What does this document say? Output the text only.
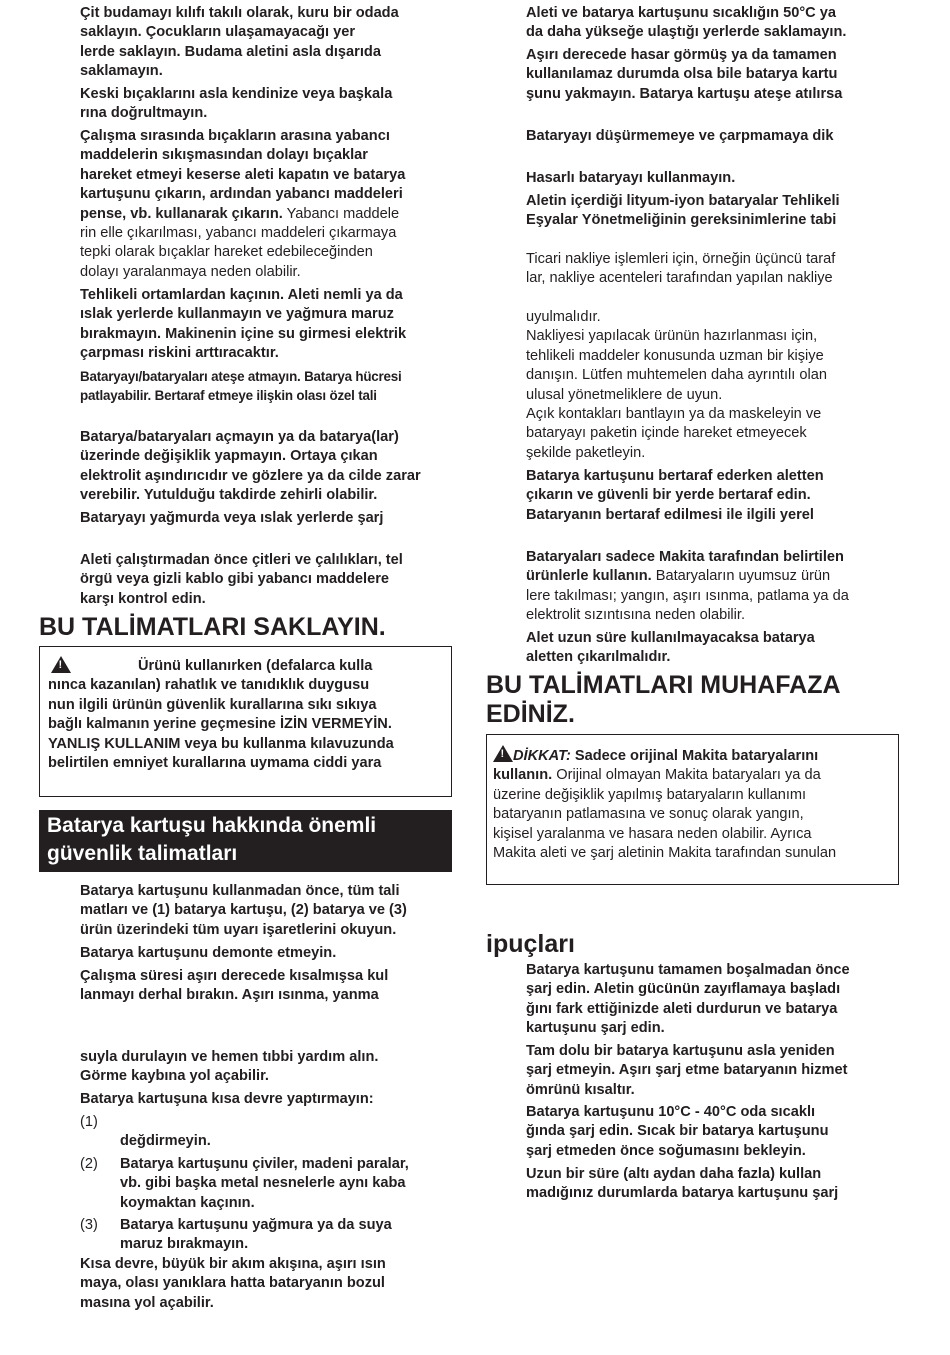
Çit budamayı kılıfı takılı olarak, kuru bir odada
saklayın. Çocukların ulaşamayacağı yer
lerde saklayın. Budama aletini asla dışarıda
saklamayın.

Keski bıçaklarını asla kendinize veya başkala
rına doğrultmayın.

Çalışma sırasında bıçakların arasına yabancı
maddelerin sıkışmasından dolayı bıçaklar
hareket etmeyi keserse aleti kapatın ve batarya
kartuşunu çıkarın, ardından yabancı maddeleri
pense, vb. kullanarak çıkarın. Yabancı maddele
rin elle çıkarılması, yabancı maddeleri çıkarmaya
tepki olarak bıçaklar hareket edebileceğinden
dolayı yaralanmaya neden olabilir.

Tehlikeli ortamlardan kaçının. Aleti nemli ya da
ıslak yerlerde kullanmayın ve yağmura maruz
bırakmayın. Makinenin içine su girmesi elektrik
çarpması riskini arttıracaktır.

Bataryayı/bataryaları ateşe atmayın. Batarya hücresi
patlayabilir. Bertaraf etmeye ilişkin olası özel tali

Batarya/bataryaları açmayın ya da batarya(lar)
üzerinde değişiklik yapmayın. Ortaya çıkan
elektrolit aşındırıcıdır ve gözlere ya da cilde zarar
verebilir. Yutulduğu takdirde zehirli olabilir.

Bataryayı yağmurda veya ıslak yerlerde şarj

Aleti çalıştırmadan önce çitleri ve çalılıkları, tel
örgü veya gizli kablo gibi yabancı maddelere
karşı kontrol edin.

BU TALİMATLARI SAKLAYIN.
!

Ürünü kullanırken (defalarca kulla
nınca kazanılan) rahatlık ve tanıdıklık duygusu
nun ilgili ürünün güvenlik kurallarına sıkı sıkıya
bağlı kalmanın yerine geçmesine İZİN VERMEYİN.
YANLIŞ KULLANIM veya bu kullanma kılavuzunda
belirtilen emniyet kurallarına uymama ciddi yara

Batarya kartuşu hakkında önemli
güvenlik talimatları

Batarya kartuşunu kullanmadan önce, tüm tali
matları ve (1) batarya kartuşu, (2) batarya ve (3)
ürün üzerindeki tüm uyarı işaretlerini okuyun.

Batarya kartuşunu demonte etmeyin.

Çalışma süresi aşırı derecede kısalmışsa kul
lanmayı derhal bırakın. Aşırı ısınma, yanma

suyla durulayın ve hemen tıbbi yardım alın.
Görme kaybına yol açabilir.

Batarya kartuşuna kısa devre yaptırmayın:

(1)
değdirmeyin.
(2) Batarya kartuşunu çiviler, madeni paralar,
vb. gibi başka metal nesnelerle aynı kaba
koymaktan kaçının.
(3) Batarya kartuşunu yağmura ya da suya
maruz bırakmayın.

Kısa devre, büyük bir akım akışına, aşırı ısın
maya, olası yanıklara hatta bataryanın bozul
masına yol açabilir.

Aleti ve batarya kartuşunu sıcaklığın 50°C ya
da daha yükseğe ulaştığı yerlerde saklamayın.

Aşırı derecede hasar görmüş ya da tamamen
kullanılamaz durumda olsa bile batarya kartu
şunu yakmayın. Batarya kartuşu ateşe atılırsa

Bataryayı düşürmemeye ve çarpmamaya dik

Hasarlı bataryayı kullanmayın.

Aletin içerdiği lityum-iyon bataryalar Tehlikeli
Eşyalar Yönetmeliğinin gereksinimlerine tabi

Ticari nakliye işlemleri için, örneğin üçüncü taraf
lar, nakliye acenteleri tarafından yapılan nakliye

uyulmalıdır.
Nakliyesi yapılacak ürünün hazırlanması için,
tehlikeli maddeler konusunda uzman bir kişiye
danışın. Lütfen muhtemelen daha ayrıntılı olan
ulusal yönetmeliklere de uyun.
Açık kontakları bantlayın ya da maskeleyin ve
bataryayı paketin içinde hareket etmeyecek
şekilde paketleyin.

Batarya kartuşunu bertaraf ederken aletten
çıkarın ve güvenli bir yerde bertaraf edin.
Bataryanın bertaraf edilmesi ile ilgili yerel

Bataryaları sadece Makita tarafından belirtilen
ürünlerle kullanın. Bataryaların uyumsuz ürün
lere takılması; yangın, aşırı ısınma, patlama ya da
elektrolit sızıntısına neden olabilir.

Alet uzun süre kullanılmayacaksa batarya
aletten çıkarılmalıdır.

BU TALİMATLARI MUHAFAZA
EDİNİZ.

!DİKKAT: Sadece orijinal Makita bataryalarını
kullanın. Orijinal olmayan Makita bataryaları ya da
üzerine değişiklik yapılmış bataryaların kullanımı
bataryanın patlamasına ve sonuç olarak yangın,
kişisel yaralanma ve hasara neden olabilir. Ayrıca
Makita aleti ve şarj aletinin Makita tarafından sunulan

ipuçları

Batarya kartuşunu tamamen boşalmadan önce
şarj edin. Aletin gücünün zayıflamaya başladı
ğını fark ettiğinizde aleti durdurun ve batarya
kartuşunu şarj edin.

Tam dolu bir batarya kartuşunu asla yeniden
şarj etmeyin. Aşırı şarj etme bataryanın hizmet
ömrünü kısaltır.

Batarya kartuşunu 10°C - 40°C oda sıcaklı
ğında şarj edin. Sıcak bir batarya kartuşunu
şarj etmeden önce soğumasını bekleyin.

Uzun bir süre (altı aydan daha fazla) kullan
madığınız durumlarda batarya kartuşunu şarj
